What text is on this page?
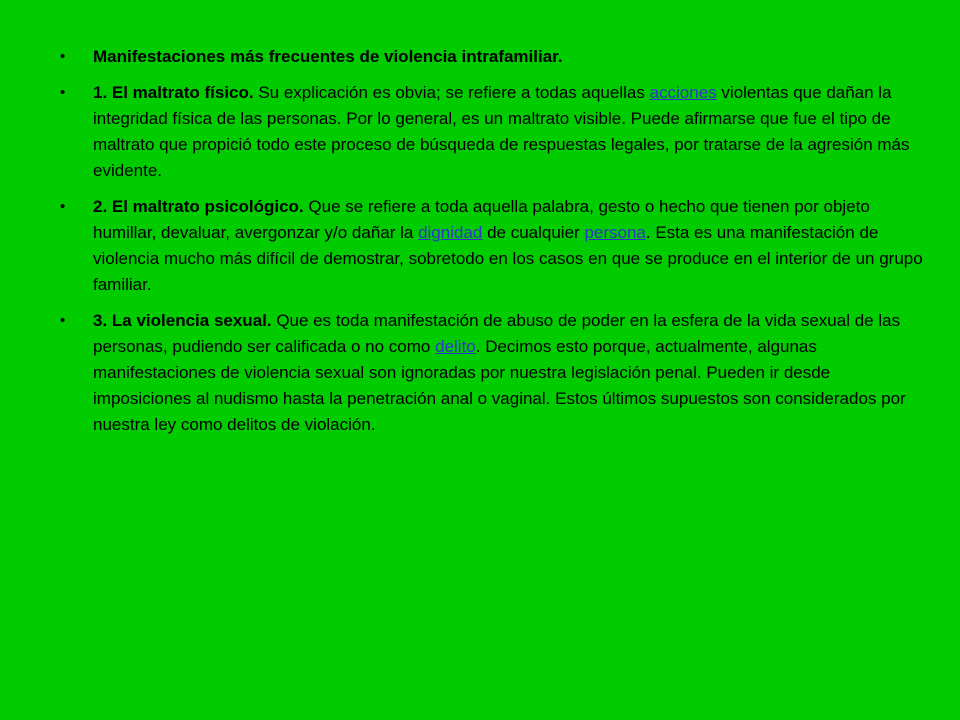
• Manifestaciones más frecuentes de violencia intrafamiliar.
• 1. El maltrato físico. Su explicación es obvia; se refiere a todas aquellas acciones violentas que dañan la integridad física de las personas. Por lo general, es un maltrato visible. Puede afirmarse que fue el tipo de maltrato que propició todo este proceso de búsqueda de respuestas legales, por tratarse de la agresión más evidente.
• 2. El maltrato psicológico. Que se refiere a toda aquella palabra, gesto o hecho que tienen por objeto humillar, devaluar, avergonzar y/o dañar la dignidad de cualquier persona. Esta es una manifestación de violencia mucho más difícil de demostrar, sobretodo en los casos en que se produce en el interior de un grupo familiar.
• 3. La violencia sexual. Que es toda manifestación de abuso de poder en la esfera de la vida sexual de las personas, pudiendo ser calificada o no como delito. Decimos esto porque, actualmente, algunas manifestaciones de violencia sexual son ignoradas por nuestra legislación penal. Pueden ir desde imposiciones al nudismo hasta la penetración anal o vaginal. Estos últimos supuestos son considerados por nuestra ley como delitos de violación.
